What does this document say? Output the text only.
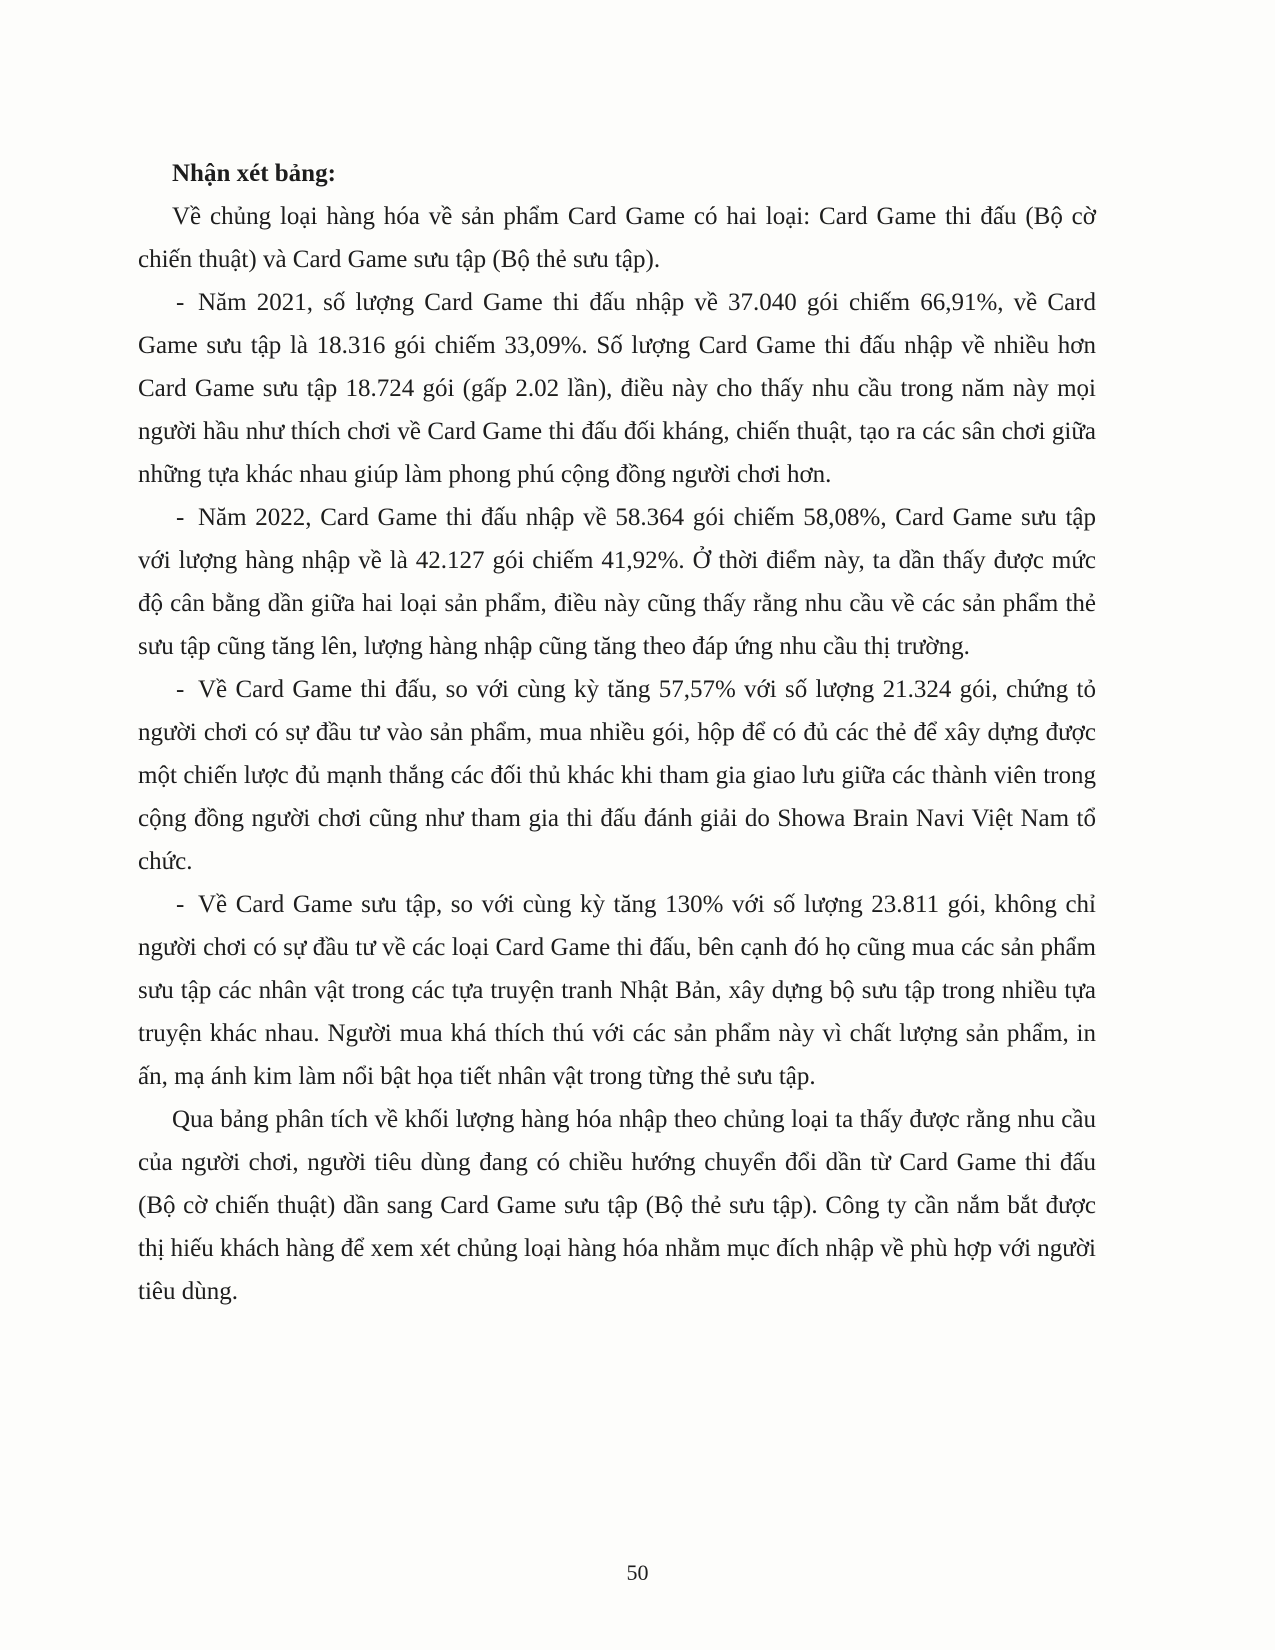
Nhận xét bảng:

Về chủng loại hàng hóa về sản phẩm Card Game có hai loại: Card Game thi đấu (Bộ cờ chiến thuật) và Card Game sưu tập (Bộ thẻ sưu tập).

- Năm 2021, số lượng Card Game thi đấu nhập về 37.040 gói chiếm 66,91%, về Card Game sưu tập là 18.316 gói chiếm 33,09%. Số lượng Card Game thi đấu nhập về nhiều hơn Card Game sưu tập 18.724 gói (gấp 2.02 lần), điều này cho thấy nhu cầu trong năm này mọi người hầu như thích chơi về Card Game thi đấu đối kháng, chiến thuật, tạo ra các sân chơi giữa những tựa khác nhau giúp làm phong phú cộng đồng người chơi hơn.

- Năm 2022, Card Game thi đấu nhập về 58.364 gói chiếm 58,08%, Card Game sưu tập với lượng hàng nhập về là 42.127 gói chiếm 41,92%. Ở thời điểm này, ta dần thấy được mức độ cân bằng dần giữa hai loại sản phẩm, điều này cũng thấy rằng nhu cầu về các sản phẩm thẻ sưu tập cũng tăng lên, lượng hàng nhập cũng tăng theo đáp ứng nhu cầu thị trường.

- Về Card Game thi đấu, so với cùng kỳ tăng 57,57% với số lượng 21.324 gói, chứng tỏ người chơi có sự đầu tư vào sản phẩm, mua nhiều gói, hộp để có đủ các thẻ để xây dựng được một chiến lược đủ mạnh thắng các đối thủ khác khi tham gia giao lưu giữa các thành viên trong cộng đồng người chơi cũng như tham gia thi đấu đánh giải do Showa Brain Navi Việt Nam tổ chức.

- Về Card Game sưu tập, so với cùng kỳ tăng 130% với số lượng 23.811 gói, không chỉ người chơi có sự đầu tư về các loại Card Game thi đấu, bên cạnh đó họ cũng mua các sản phẩm sưu tập các nhân vật trong các tựa truyện tranh Nhật Bản, xây dựng bộ sưu tập trong nhiều tựa truyện khác nhau. Người mua khá thích thú với các sản phẩm này vì chất lượng sản phẩm, in ấn, mạ ánh kim làm nổi bật họa tiết nhân vật trong từng thẻ sưu tập.

Qua bảng phân tích về khối lượng hàng hóa nhập theo chủng loại ta thấy được rằng nhu cầu của người chơi, người tiêu dùng đang có chiều hướng chuyển đổi dần từ Card Game thi đấu (Bộ cờ chiến thuật) dần sang Card Game sưu tập (Bộ thẻ sưu tập). Công ty cần nắm bắt được thị hiếu khách hàng để xem xét chủng loại hàng hóa nhằm mục đích nhập về phù hợp với người tiêu dùng.

50
